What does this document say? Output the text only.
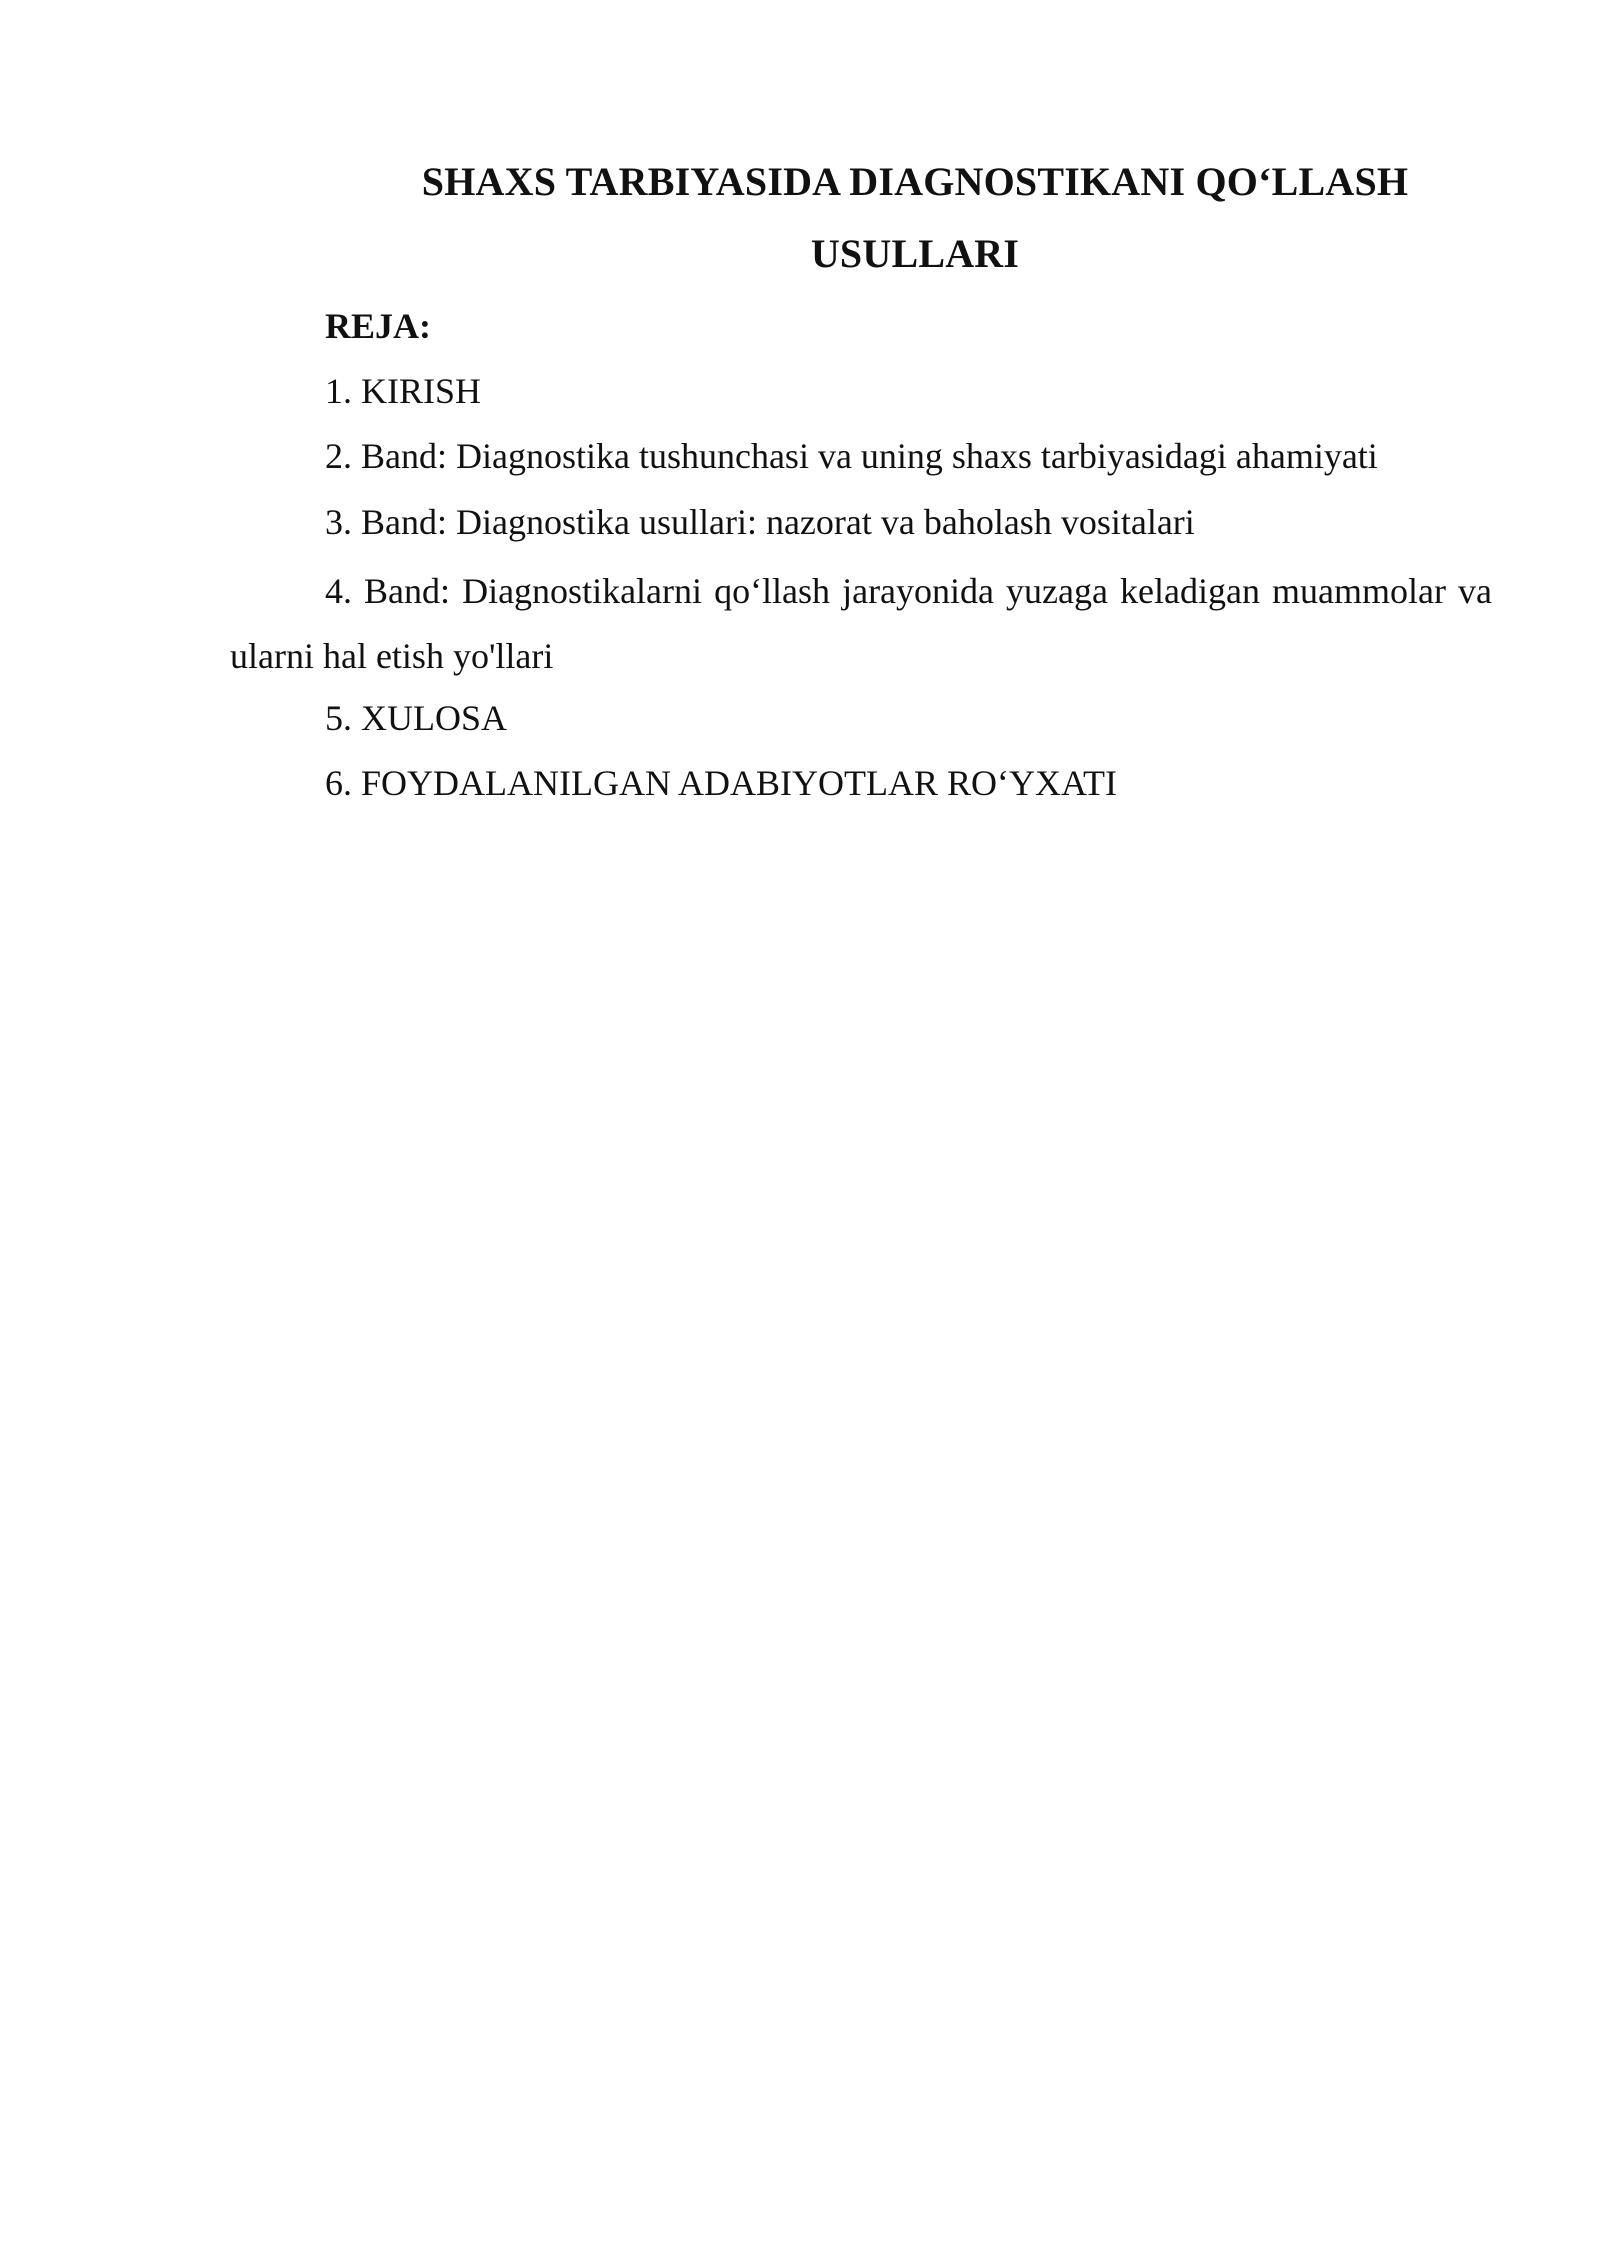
SHAXS TARBIYASIDA DIAGNOSTIKANI QO‘LLASH USULLARI
REJA:
1. KIRISH
2. Band: Diagnostika tushunchasi va uning shaxs tarbiyasidagi ahamiyati
3. Band: Diagnostika usullari: nazorat va baholash vositalari
4. Band: Diagnostikalarni qo‘llash jarayonida yuzaga keladigan muammolar va ularni hal etish yo'llari
5. XULOSA
6. FOYDALANILGAN ADABIYOTLAR RO‘YXATI
